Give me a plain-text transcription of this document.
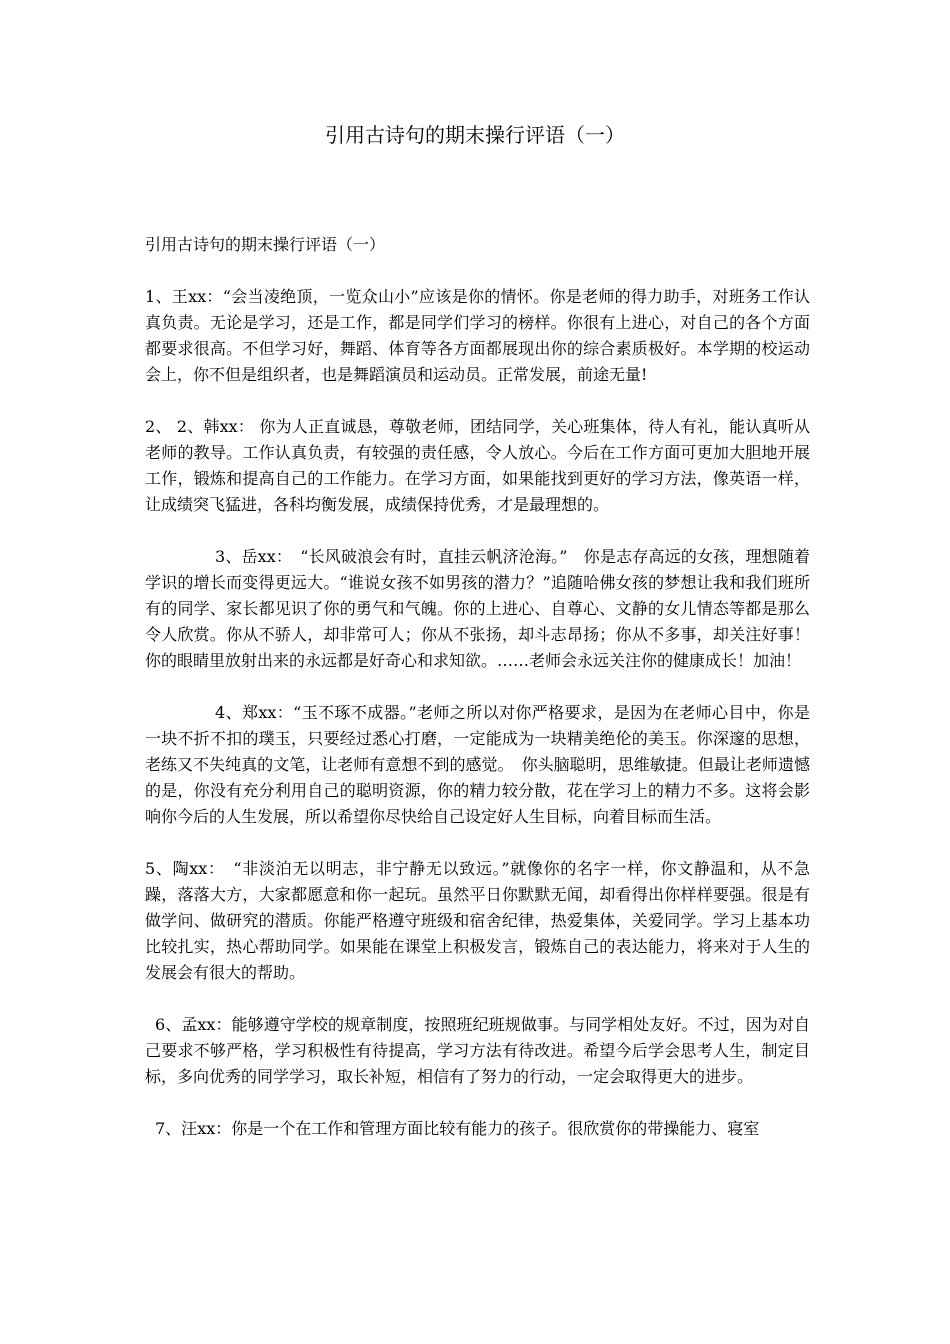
引用古诗句的期末操行评语（一）
引用古诗句的期末操行评语（一）

1、王xx：“会当凌绝顶，一览众山小”应该是你的情怀。你是老师的得力助手，对班务工作认真负责。无论是学习，还是工作，都是同学们学习的榜样。你很有上进心，对自己的各个方面都要求很高。不但学习好，舞蹈、体育等各方面都展现出你的综合素质极好。本学期的校运动会上，你不但是组织者，也是舞蹈演员和运动员。正常发展，前途无量!

2、 2、韩xx： 你为人正直诚恳，尊敬老师，团结同学，关心班集体，待人有礼，能认真听从老师的教导。工作认真负责，有较强的责任感，令人放心。今后在工作方面可更加大胆地开展工作，锻炼和提高自己的工作能力。在学习方面，如果能找到更好的学习方法，像英语一样，让成绩突飞猛进，各科均衡发展，成绩保持优秀，才是最理想的。

3、岳xx：　“长风破浪会有时，直挂云帆济沧海。”　你是志存高远的女孩，理想随着学识的增长而变得更远大。“谁说女孩不如男孩的潜力？”追随哈佛女孩的梦想让我和我们班所有的同学、家长都见识了你的勇气和气魄。你的上进心、自尊心、文静的女儿情态等都是那么令人欣赏。你从不骄人，却非常可人；你从不张扬，却斗志昂扬；你从不多事，却关注好事！你的眼睛里放射出来的永远都是好奇心和求知欲。……老师会永远关注你的健康成长！加油！

4、郑xx：“玉不琢不成器。”老师之所以对你严格要求，是因为在老师心目中，你是一块不折不扣的璞玉，只要经过悉心打磨，一定能成为一块精美绝伦的美玉。你深邃的思想，老练又不失纯真的文笔，让老师有意想不到的感觉。　你头脑聪明，思维敏捷。但最让老师遗憾的是，你没有充分利用自己的聪明资源，你的精力较分散，花在学习上的精力不多。这将会影响你今后的人生发展，所以希望你尽快给自己设定好人生目标，向着目标而生活。

5、陶xx：　“非淡泊无以明志，非宁静无以致远。”就像你的名字一样，你文静温和，从不急躁，落落大方，大家都愿意和你一起玩。虽然平日你默默无闻，却看得出你样样要强。很是有做学问、做研究的潜质。你能严格遵守班级和宿舍纪律，热爱集体，关爱同学。学习上基本功比较扎实，热心帮助同学。如果能在课堂上积极发言，锻炼自己的表达能力，将来对于人生的发展会有很大的帮助。

6、孟xx：能够遵守学校的规章制度，按照班纪班规做事。与同学相处友好。不过，因为对自己要求不够严格，学习积极性有待提高，学习方法有待改进。希望今后学会思考人生，制定目标，多向优秀的同学学习，取长补短，相信有了努力的行动，一定会取得更大的进步。

7、汪xx：你是一个在工作和管理方面比较有能力的孩子。很欣赏你的带操能力、寝室
